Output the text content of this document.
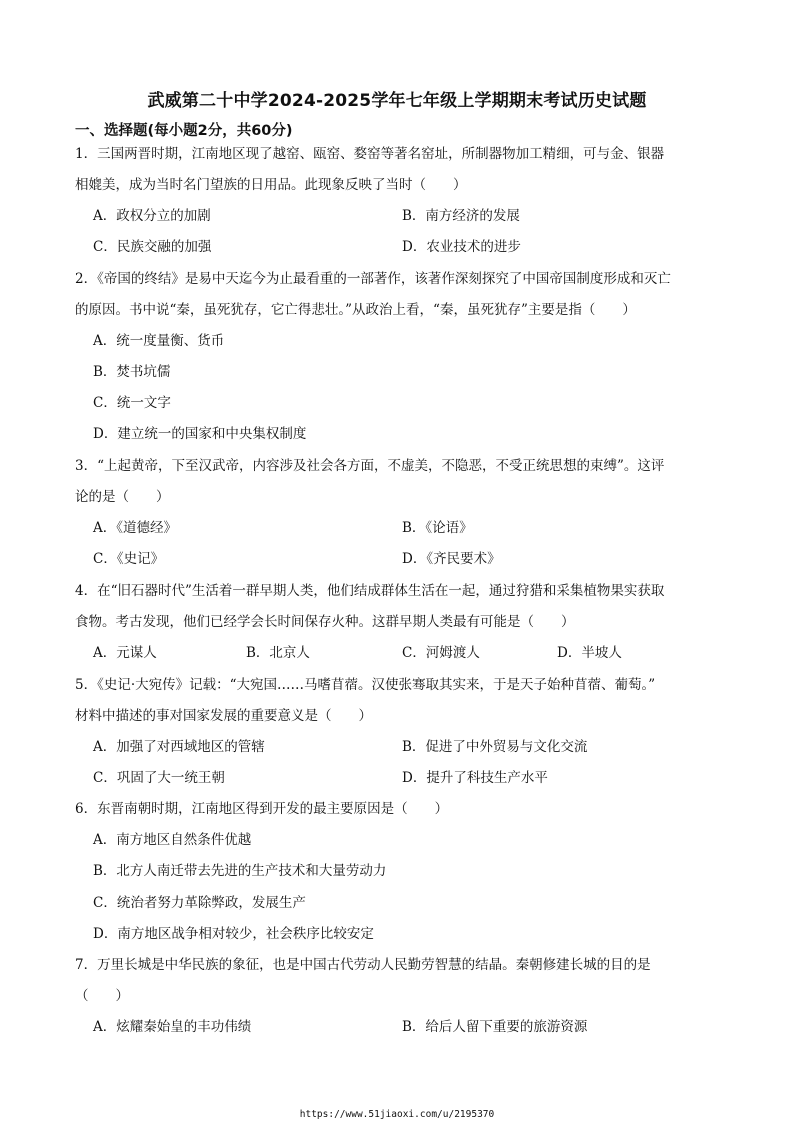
武威第二十中学2024-2025学年七年级上学期期末考试历史试题
一、选择题(每小题2分，共60分)
1．三国两晋时期，江南地区现了越窑、瓯窑、婺窑等著名窑址，所制器物加工精细，可与金、银器
相媲美，成为当时名门望族的日用品。此现象反映了当时（　　）
A．政权分立的加剧	B．南方经济的发展
C．民族交融的加强	D．农业技术的进步
2．《帝国的终结》是易中天迄今为止最看重的一部著作，该著作深刻探究了中国帝国制度形成和灭亡
的原因。书中说“秦，虽死犹存，它亡得悲壮。”从政治上看，“秦，虽死犹存”主要是指（　　）
A．统一度量衡、货币
B．焚书坑儒
C．统一文字
D．建立统一的国家和中央集权制度
3．“上起黄帝，下至汉武帝，内容涉及社会各方面，不虚美，不隐恶，不受正统思想的束缚”。这评
论的是（　　）
A．《道德经》	B．《论语》
C．《史记》	D．《齐民要术》
4．在“旧石器时代”生活着一群早期人类，他们结成群体生活在一起，通过狩猎和采集植物果实获取
食物。考古发现，他们已经学会长时间保存火种。这群早期人类最有可能是（　　）
A．元谋人	B．北京人	C．河姆渡人	D．半坡人
5．《史记·大宛传》记载：“大宛国……马嗜苜蓿。汉使张骞取其实来，于是天子始种苜蓿、葡萄。”
材料中描述的事对国家发展的重要意义是（　　）
A．加强了对西域地区的管辖	B．促进了中外贸易与文化交流
C．巩固了大一统王朝	D．提升了科技生产水平
6．东晋南朝时期，江南地区得到开发的最主要原因是（　　）
A．南方地区自然条件优越
B．北方人南迁带去先进的生产技术和大量劳动力
C．统治者努力革除弊政，发展生产
D．南方地区战争相对较少，社会秩序比较安定
7．万里长城是中华民族的象征，也是中国古代劳动人民勤劳智慧的结晶。秦朝修建长城的目的是
（　　）
A．炫耀秦始皇的丰功伟绩	B．给后人留下重要的旅游资源
https://www.51jiaoxi.com/u/2195370
